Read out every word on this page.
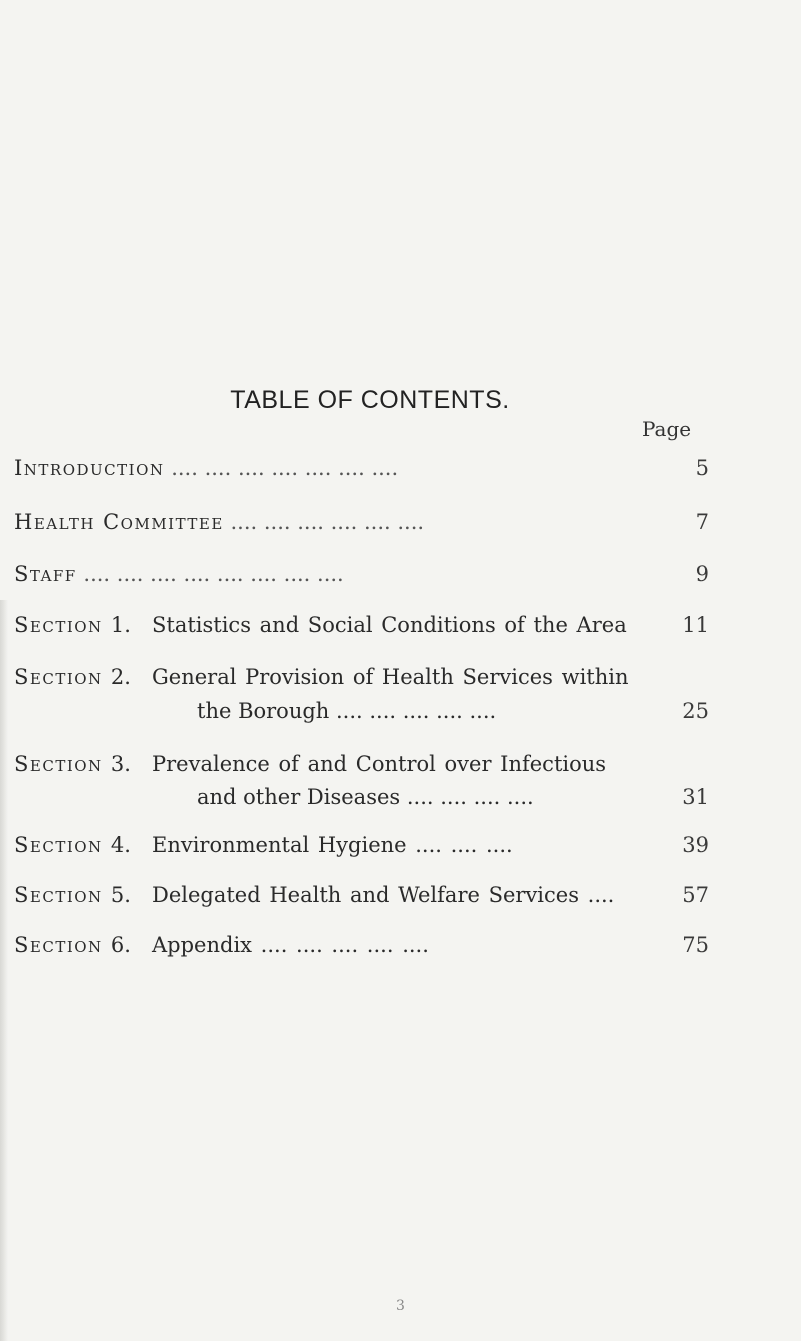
TABLE OF CONTENTS.
Page
Introduction .... .... .... .... .... .... ....	5
Health Committee .... .... .... .... .... ....	7
Staff .... .... .... .... .... .... .... ....	9
Section 1. Statistics and Social Conditions of the Area	11
Section 2. General Provision of Health Services within
the Borough .... .... .... .... ....	25
Section 3. Prevalence of and Control over Infectious
and other Diseases .... .... .... ....	31
Section 4. Environmental Hygiene .... .... ....	39
Section 5. Delegated Health and Welfare Services ....	57
Section 6. Appendix .... .... .... .... ....	75
3
